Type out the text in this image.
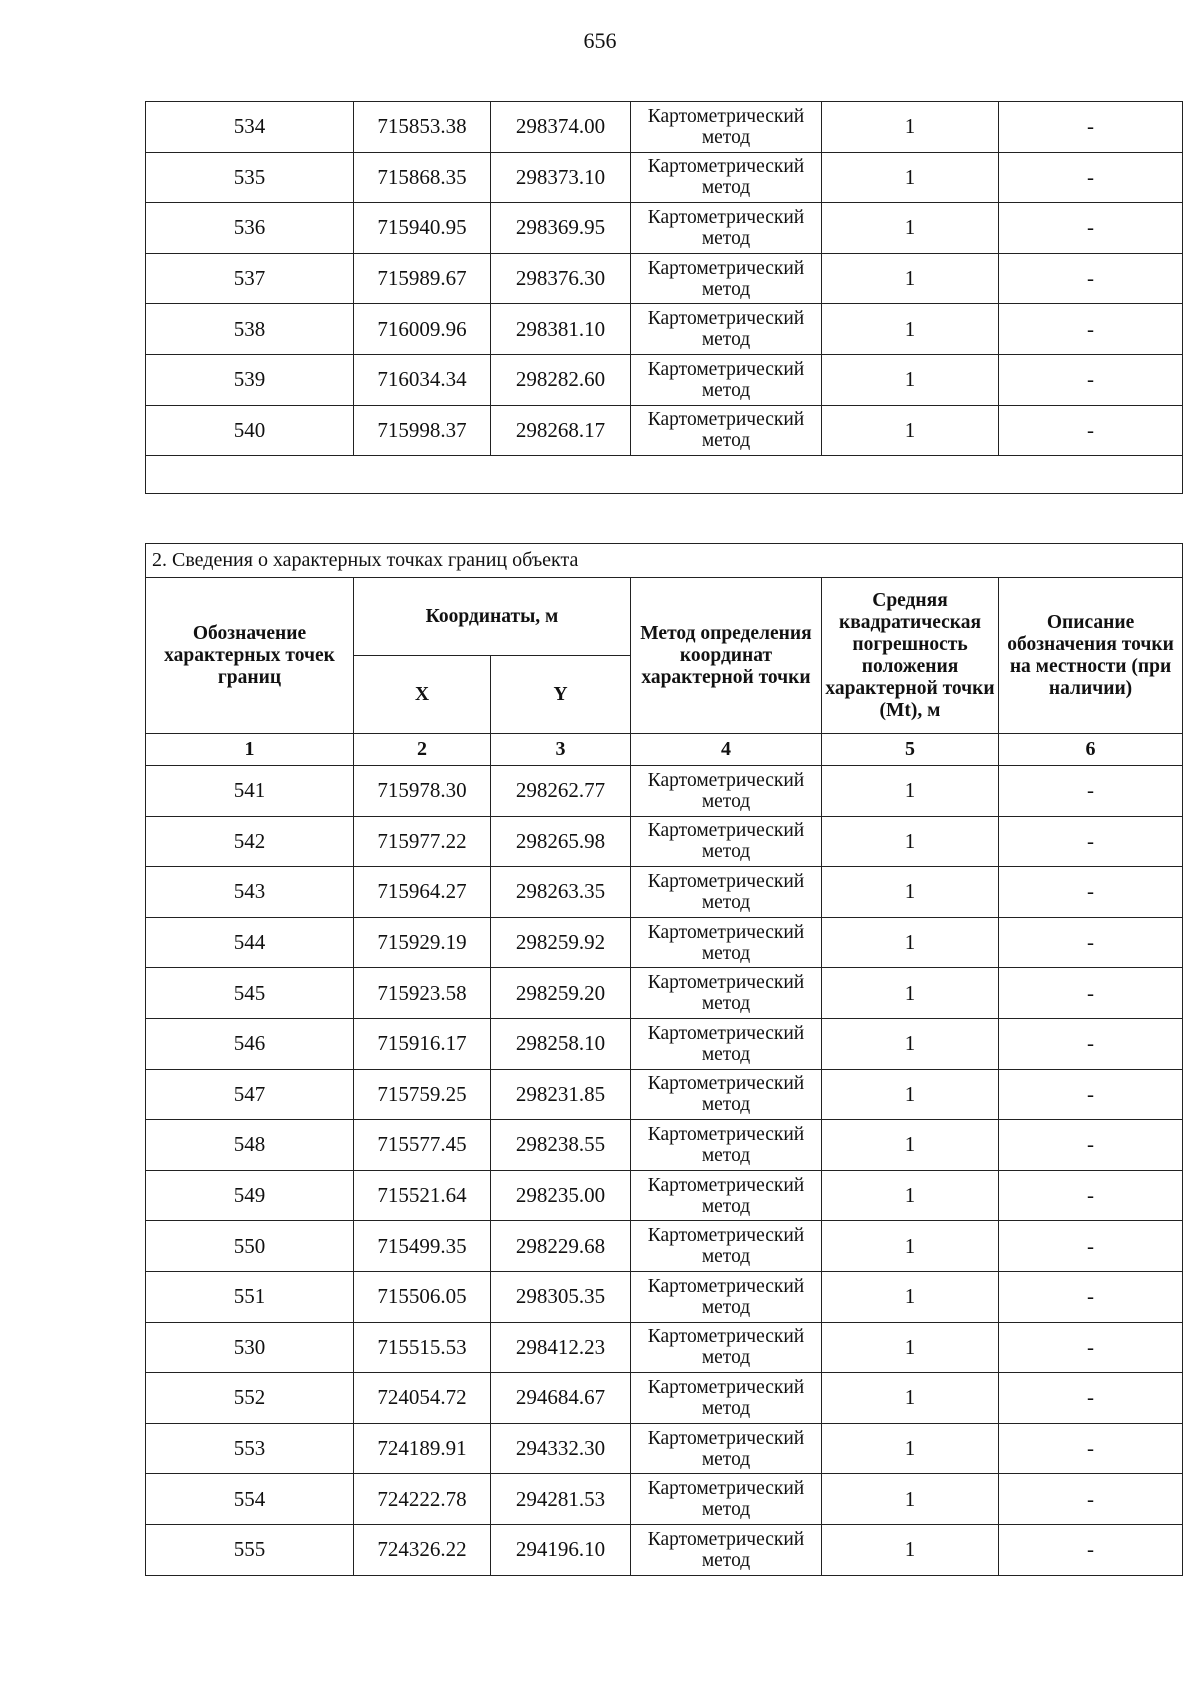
656
534	715853.38	298374.00	Картометрический метод	1	-
535	715868.35	298373.10	Картометрический метод	1	-
536	715940.95	298369.95	Картометрический метод	1	-
537	715989.67	298376.30	Картометрический метод	1	-
538	716009.96	298381.10	Картометрический метод	1	-
539	716034.34	298282.60	Картометрический метод	1	-
540	715998.37	298268.17	Картометрический метод	1	-

2. Сведения о характерных точках границ объекта					
Обозначение характерных точек границ	Координаты, м		Метод определения координат характерной точки	Средняя квадратическая погрешность положения характерной точки (Mt), м	Описание обозначения точки на местности (при наличии)
	X	Y			
1	2	3	4	5	6
541	715978.30	298262.77	Картометрический метод	1	-
542	715977.22	298265.98	Картометрический метод	1	-
543	715964.27	298263.35	Картометрический метод	1	-
544	715929.19	298259.92	Картометрический метод	1	-
545	715923.58	298259.20	Картометрический метод	1	-
546	715916.17	298258.10	Картометрический метод	1	-
547	715759.25	298231.85	Картометрический метод	1	-
548	715577.45	298238.55	Картометрический метод	1	-
549	715521.64	298235.00	Картометрический метод	1	-
550	715499.35	298229.68	Картометрический метод	1	-
551	715506.05	298305.35	Картометрический метод	1	-
530	715515.53	298412.23	Картометрический метод	1	-
552	724054.72	294684.67	Картометрический метод	1	-
553	724189.91	294332.30	Картометрический метод	1	-
554	724222.78	294281.53	Картометрический метод	1	-
555	724326.22	294196.10	Картометрический метод	1	-
